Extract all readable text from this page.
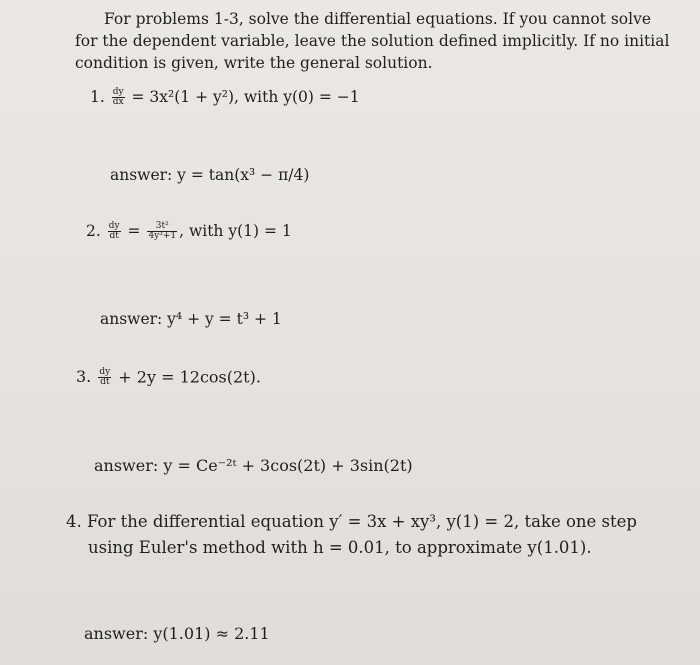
For problems 1-3, solve the differential equations. If you cannot solve
for the dependent variable, leave the solution defined implicitly. If no initial
condition is given, write the general solution.
1. $\frac{dy}{dx} = 3x^2(1 + y^2)$, with y(0) = −1
answer: y = tan(x³ − π/4)
2. $\frac{dy}{dt} = \frac{\text{3t²}}{\text{4y³+1}}$ , with y(1) = 1
answer: y⁴ + y = t³ + 1
3. $\frac{dy}{dt} + 2y = 12\cos(2t)$.
answer: y = Ce⁻²ᵗ + 3cos(2t) + 3sin(2t)
4. For the differential equation y′ = 3x + xy³, y(1) = 2, take one step
using Euler's method with h = 0.01, to approximate y(1.01).
answer: y(1.01) ≈ 2.11
